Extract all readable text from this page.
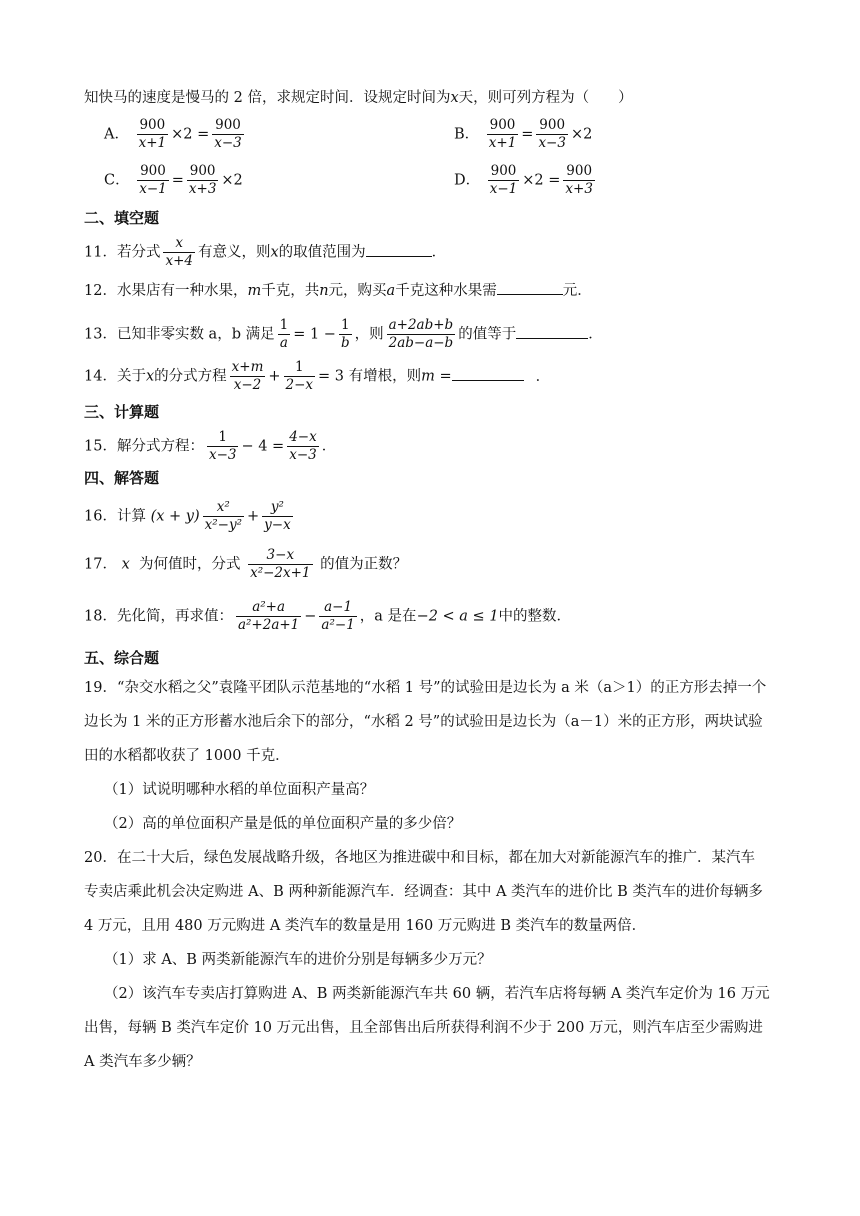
知快马的速度是慢马的 2 倍，求规定时间．设规定时间为x天，则可列方程为（　　）
A． $\frac{900}{x+1} \times 2 = \frac{900}{x-3}$	B． $\frac{900}{x+1} = \frac{900}{x-3} \times 2$
C． $\frac{900}{x-1} = \frac{900}{x+3} \times 2$	D． $\frac{900}{x-1} \times 2 = \frac{900}{x+3}$
二、填空题
11．若分式 $\frac{x}{x+4}$ 有意义，则x的取值范围为	．
12．水果店有一种水果，m千克，共n元，购买a千克这种水果需	元．
13．已知非零实数 a，b 满足 $\frac{1}{a} = 1 - \frac{1}{b}$ ，则 $\frac{a+2ab+b}{2ab-a-b}$ 的值等于	．
14．关于x的分式方程 $\frac{x+m}{x-2} + \frac{1}{2-x} = 3$ 有增根，则m =	．
三、计算题
15．解分式方程： $\frac{1}{x-3} - 4 = \frac{4-x}{x-3}$ ．
四、解答题
16．计算 $(x + y) \frac{\text{x²}}{\text{x²−y²}} + \frac{\text{y²}}{y-x}$
17． x 为何值时，分式 $\frac{3-x}{\text{x²−2x+1}}$ 的值为正数？
18．先化简，再求值： $\frac{\text{a²+a}}{\text{a²+2a+1}} - \frac{a-1}{\text{a²−1}}$ ，a 是在−2 < a ≤ 1中的整数．
五、综合题
19．“杂交水稻之父”袁隆平团队示范基地的“水稻 1 号”的试验田是边长为 a 米（a＞1）的正方形去掉一个
边长为 1 米的正方形蓄水池后余下的部分，“水稻 2 号”的试验田是边长为（a－1）米的正方形，两块试验
田的水稻都收获了 1000 千克．
（1）试说明哪种水稻的单位面积产量高？
（2）高的单位面积产量是低的单位面积产量的多少倍？
20．在二十大后，绿色发展战略升级，各地区为推进碳中和目标，都在加大对新能源汽车的推广．某汽车
专卖店乘此机会决定购进 A、B 两种新能源汽车．经调查：其中 A 类汽车的进价比 B 类汽车的进价每辆多
4 万元，且用 480 万元购进 A 类汽车的数量是用 160 万元购进 B 类汽车的数量两倍．
（1）求 A、B 两类新能源汽车的进价分别是每辆多少万元？
（2）该汽车专卖店打算购进 A、B 两类新能源汽车共 60 辆，若汽车店将每辆 A 类汽车定价为 16 万元
出售，每辆 B 类汽车定价 10 万元出售，且全部售出后所获得利润不少于 200 万元，则汽车店至少需购进
A 类汽车多少辆？
